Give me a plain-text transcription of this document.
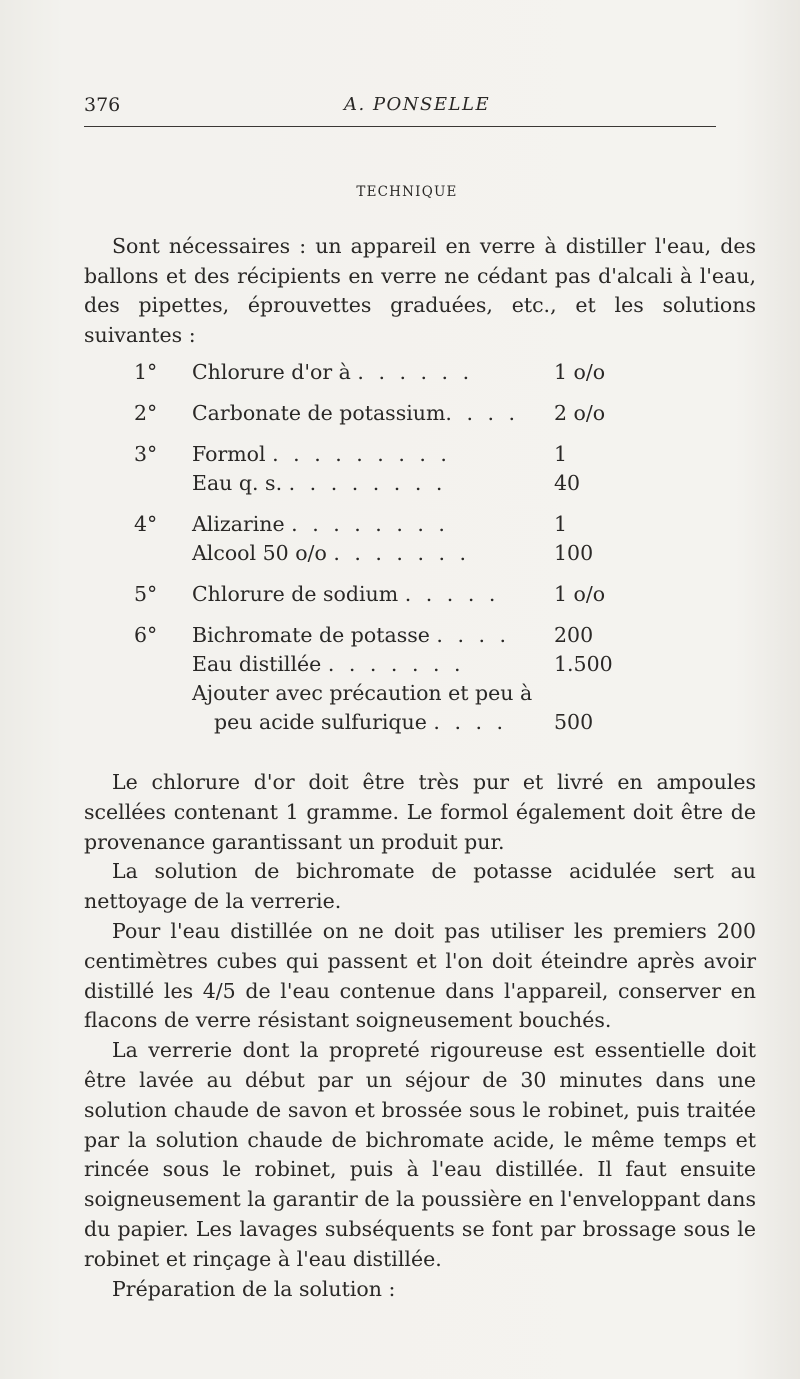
376	A. PONSELLE
TECHNIQUE

Sont nécessaires : un appareil en verre à distiller l'eau, des ballons et des récipients en verre ne cédant pas d'alcali à l'eau, des pipettes, éprouvettes graduées, etc., et les solutions suivantes :

1°	Chlorure d'or à . . . . . .	1 o/o
2°	Carbonate de potassium. . . . 2 o/o
3°	Formol . . . . . . . . .	1
Eau q. s. . . . . . . . .	40
4°	Alizarine . . . . . . . .	1
Alcool 50 o/o . . . . . . .	100
5°	Chlorure de sodium . . . . .	1 o/o
6°	Bichromate de potasse . . . . 200
Eau distillée . . . . . . .	1.500
Ajouter avec précaution et peu à
peu acide sulfurique . . . . 500

Le chlorure d'or doit être très pur et livré en ampoules scellées contenant 1 gramme. Le formol également doit être de provenance garantissant un produit pur.

La solution de bichromate de potasse acidulée sert au nettoyage de la verrerie.

Pour l'eau distillée on ne doit pas utiliser les premiers 200 centimètres cubes qui passent et l'on doit éteindre après avoir distillé les 4/5 de l'eau contenue dans l'appareil, conserver en flacons de verre résistant soigneusement bouchés.

La verrerie dont la propreté rigoureuse est essentielle doit être lavée au début par un séjour de 30 minutes dans une solution chaude de savon et brossée sous le robinet, puis traitée par la solution chaude de bichromate acide, le même temps et rincée sous le robinet, puis à l'eau distillée. Il faut ensuite soigneusement la garantir de la poussière en l'enveloppant dans du papier. Les lavages subséquents se font par brossage sous le robinet et rinçage à l'eau distillée.

Préparation de la solution :
